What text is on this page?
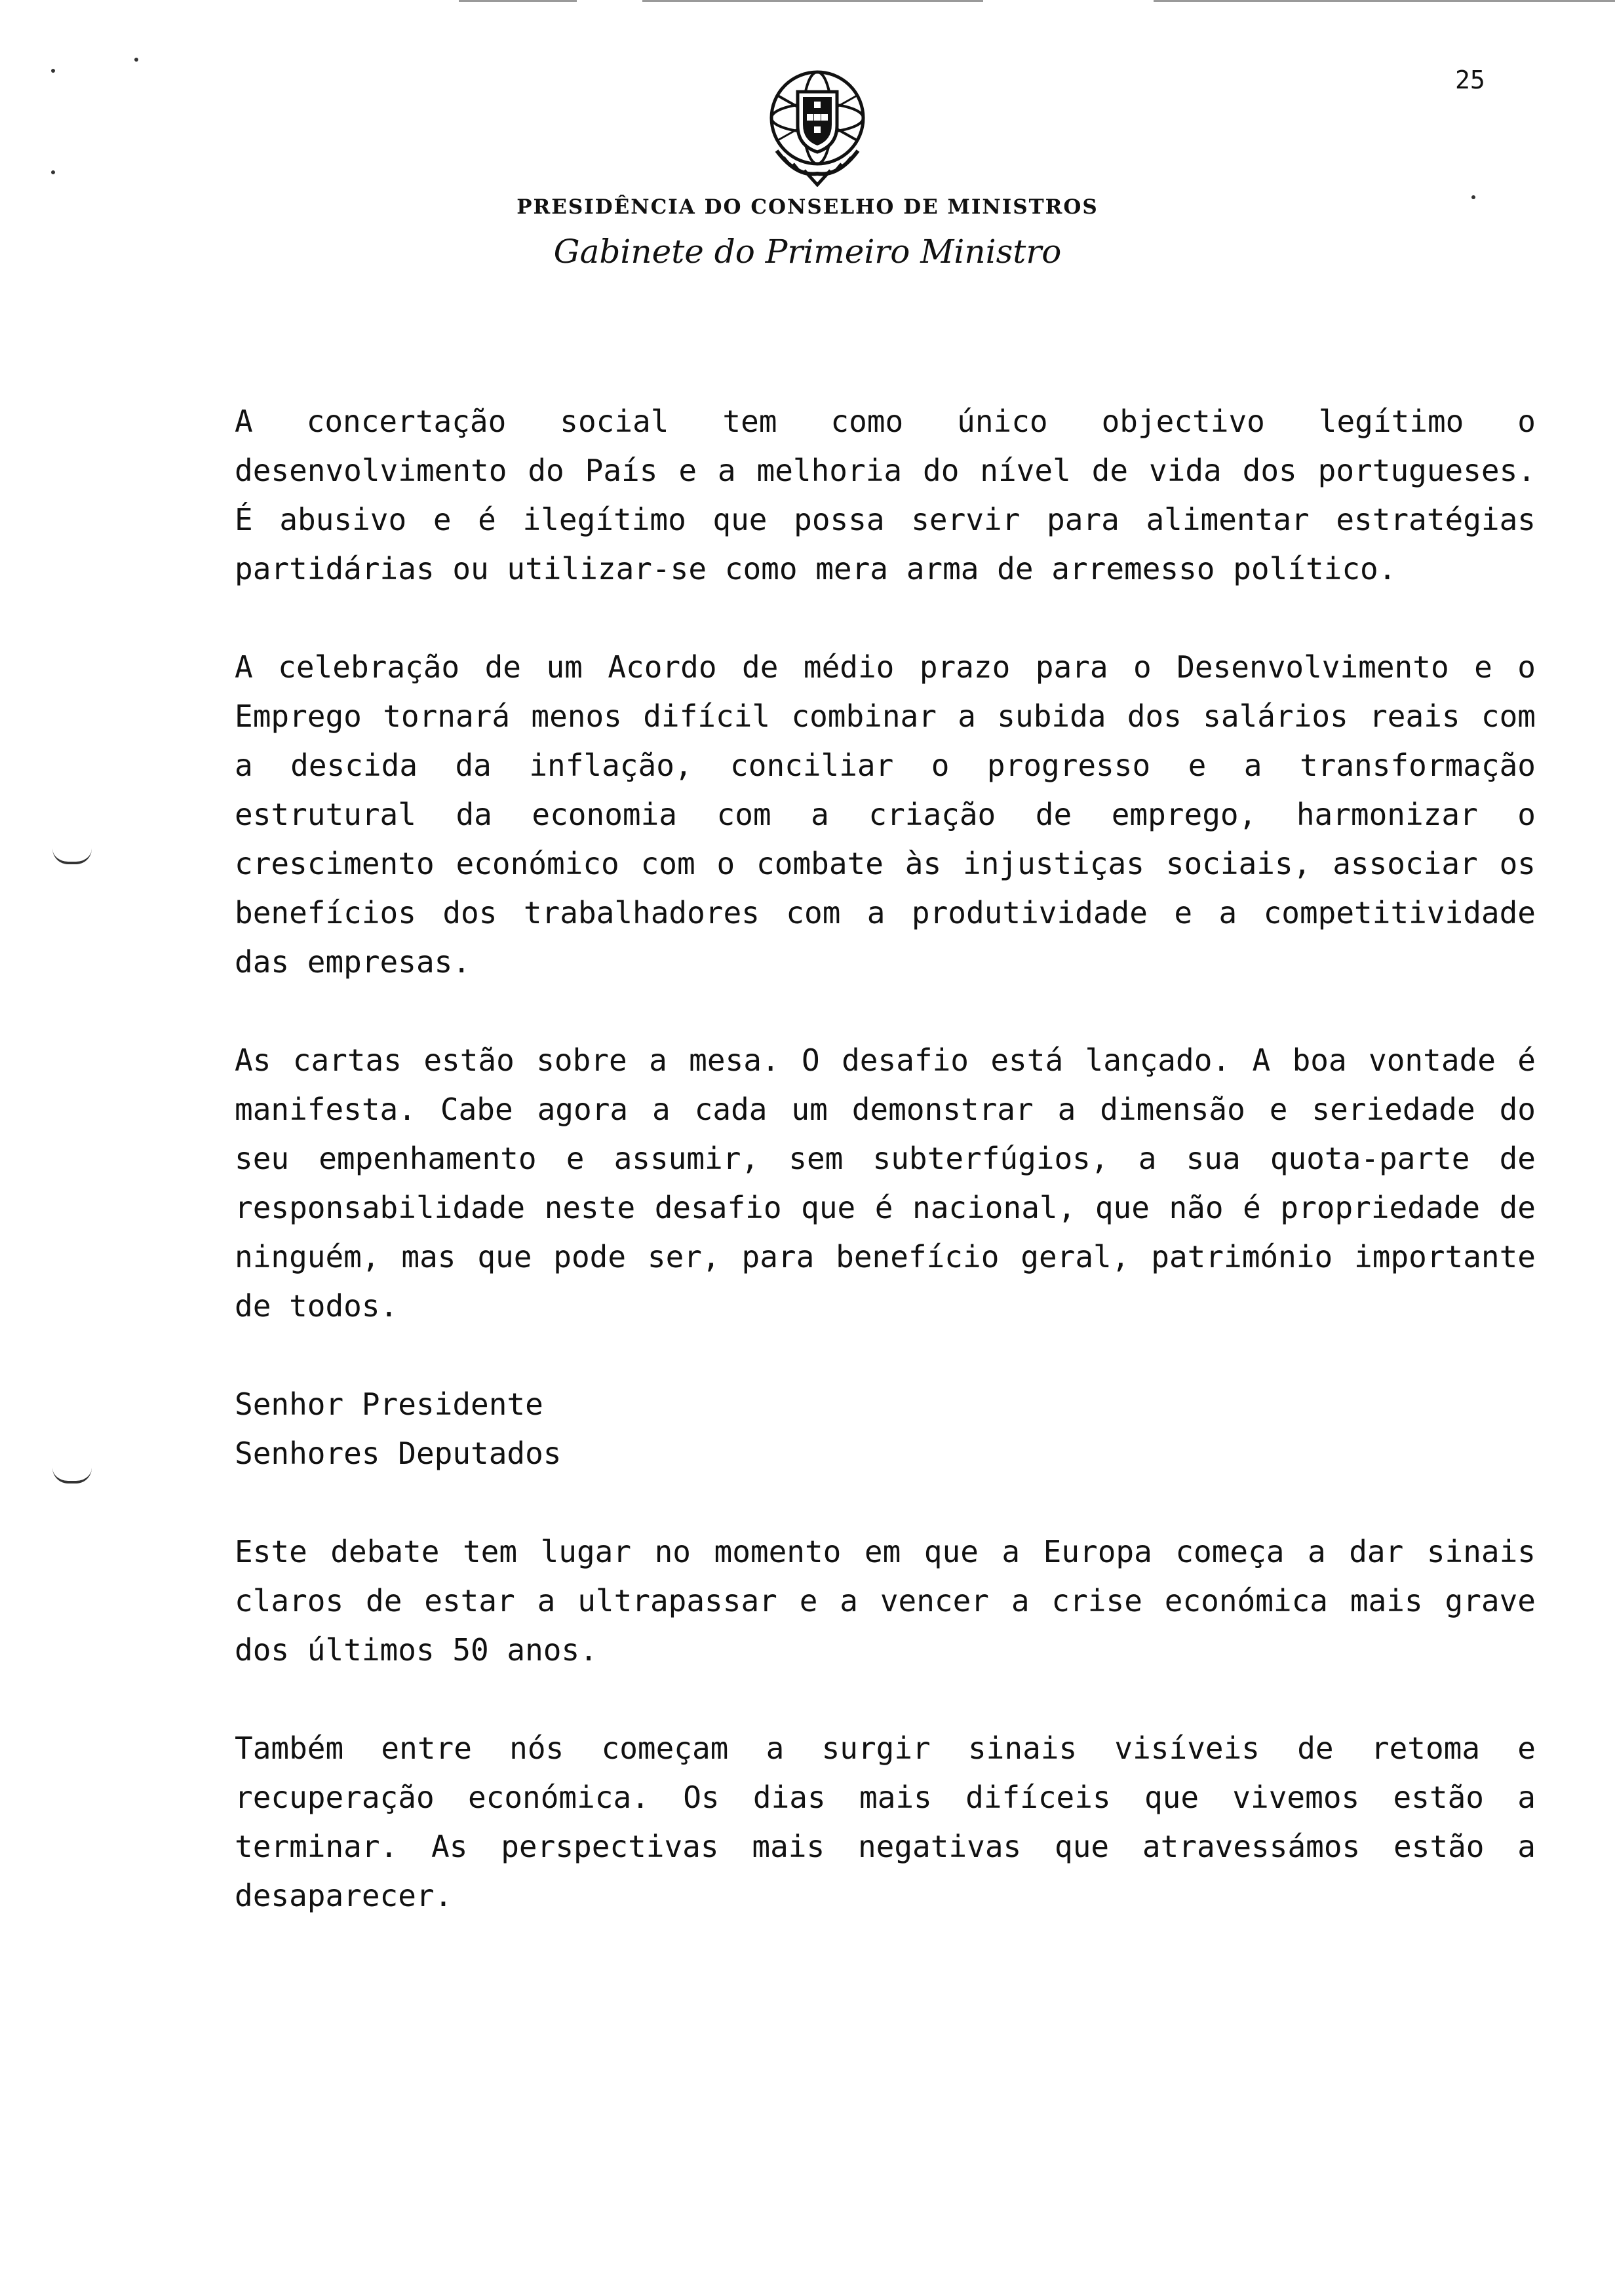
25
PRESIDÊNCIA DO CONSELHO DE MINISTROS
Gabinete do Primeiro Ministro

A concertação social tem como único objectivo legítimo o desenvolvimento do País e a melhoria do nível de vida dos portugueses. É abusivo e é ilegítimo que possa servir para alimentar estratégias partidárias ou utilizar-se como mera arma de arremesso político.

A celebração de um Acordo de médio prazo para o Desenvolvimento e o Emprego tornará menos difícil combinar a subida dos salários reais com a descida da inflação, conciliar o progresso e a transformação estrutural da economia com a criação de emprego, harmonizar o crescimento económico com o combate às injustiças sociais, associar os benefícios dos trabalhadores com a produtividade e a competitividade das empresas.

As cartas estão sobre a mesa. O desafio está lançado. A boa vontade é manifesta. Cabe agora a cada um demonstrar a dimensão e seriedade do seu empenhamento e assumir, sem subterfúgios, a sua quota-parte de responsabilidade neste desafio que é nacional, que não é propriedade de ninguém, mas que pode ser, para benefício geral, património importante de todos.

Senhor Presidente
Senhores Deputados

Este debate tem lugar no momento em que a Europa começa a dar sinais claros de estar a ultrapassar e a vencer a crise económica mais grave dos últimos 50 anos.

Também entre nós começam a surgir sinais visíveis de retoma e recuperação económica. Os dias mais difíceis que vivemos estão a terminar. As perspectivas mais negativas que atravessámos estão a desaparecer.
